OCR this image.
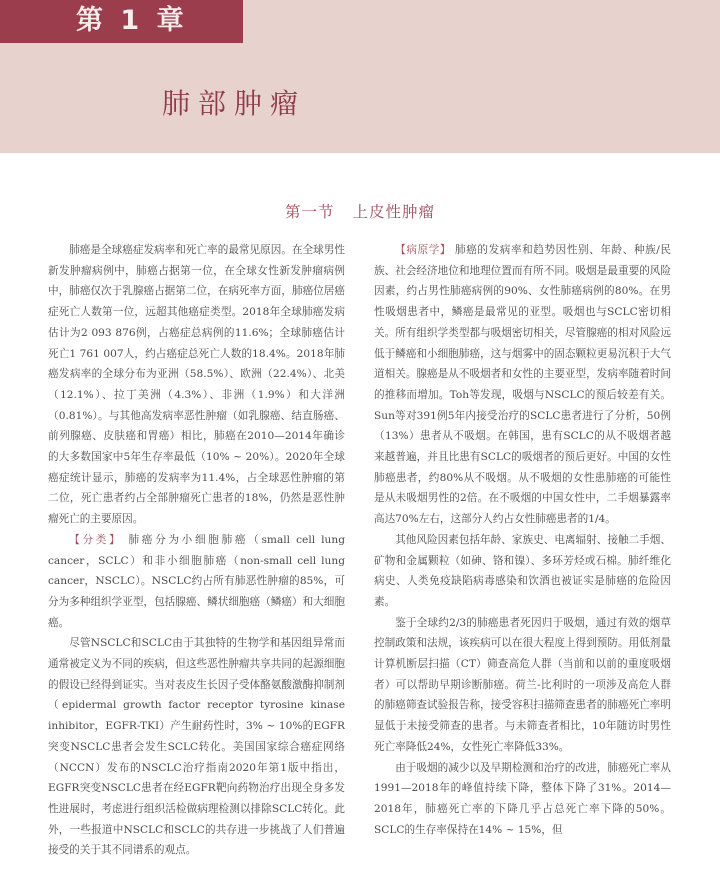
第 1 章
肺部肿瘤
第一节 上皮性肿瘤

肺癌是全球癌症发病率和死亡率的最常见原因。在全球男性新发肿瘤病例中，肺癌占据第一位，在全球女性新发肿瘤病例中，肺癌仅次于乳腺癌占据第二位，在病死率方面，肺癌位居癌症死亡人数第一位，远超其他癌症类型。2018年全球肺癌发病估计为2 093 876例，占癌症总病例的11.6%；全球肺癌估计死亡1 761 007人，约占癌症总死亡人数的18.4%。2018年肺癌发病率的全球分布为亚洲（58.5%）、欧洲（22.4%）、北美（12.1%）、拉丁美洲（4.3%）、非洲（1.9%）和大洋洲（0.81%）。与其他高发病率恶性肿瘤（如乳腺癌、结直肠癌、前列腺癌、皮肤癌和胃癌）相比，肺癌在2010—2014年确诊的大多数国家中5年生存率最低（10% ~ 20%）。2020年全球癌症统计显示，肺癌的发病率为11.4%，占全球恶性肿瘤的第二位，死亡患者约占全部肿瘤死亡患者的18%，仍然是恶性肿瘤死亡的主要原因。

【分类】 肺癌分为小细胞肺癌（small cell lung cancer，SCLC）和非小细胞肺癌（non-small cell lung cancer，NSCLC）。NSCLC约占所有肺恶性肿瘤的85%，可分为多种组织学亚型，包括腺癌、鳞状细胞癌（鳞癌）和大细胞癌。

尽管NSCLC和SCLC由于其独特的生物学和基因组异常而通常被定义为不同的疾病，但这些恶性肿瘤共享共同的起源细胞的假设已经得到证实。当对表皮生长因子受体酪氨酸激酶抑制剂（epidermal growth factor receptor tyrosine kinase inhibitor，EGFR-TKI）产生耐药性时，3% ~ 10%的EGFR突变NSCLC患者会发生SCLC转化。美国国家综合癌症网络（NCCN）发布的NSCLC治疗指南2020年第1版中指出，EGFR突变NSCLC患者在经EGFR靶向药物治疗出现全身多发性进展时，考虑进行组织活检做病理检测以排除SCLC转化。此外，一些报道中NSCLC和SCLC的共存进一步挑战了人们普遍接受的关于其不同谱系的观点。

【病原学】 肺癌的发病率和趋势因性别、年龄、种族/民族、社会经济地位和地理位置而有所不同。吸烟是最重要的风险因素，约占男性肺癌病例的90%、女性肺癌病例的80%。在男性吸烟患者中，鳞癌是最常见的亚型。吸烟也与SCLC密切相关。所有组织学类型都与吸烟密切相关，尽管腺癌的相对风险远低于鳞癌和小细胞肺癌，这与烟雾中的固态颗粒更易沉积于大气道相关。腺癌是从不吸烟者和女性的主要亚型，发病率随着时间的推移而增加。Toh等发现，吸烟与NSCLC的预后较差有关。Sun等对391例5年内接受治疗的SCLC患者进行了分析，50例（13%）患者从不吸烟。在韩国，患有SCLC的从不吸烟者越来越普遍，并且比患有SCLC的吸烟者的预后更好。中国的女性肺癌患者，约80%从不吸烟。从不吸烟的女性患肺癌的可能性是从未吸烟男性的2倍。在不吸烟的中国女性中，二手烟暴露率高达70%左右，这部分人约占女性肺癌患者的1/4。

其他风险因素包括年龄、家族史、电离辐射、接触二手烟、矿物和金属颗粒（如砷、铬和镍）、多环芳烃或石棉。肺纤维化病史、人类免疫缺陷病毒感染和饮酒也被证实是肺癌的危险因素。

鉴于全球约2/3的肺癌患者死因归于吸烟，通过有效的烟草控制政策和法规，该疾病可以在很大程度上得到预防。用低剂量计算机断层扫描（CT）筛查高危人群（当前和以前的重度吸烟者）可以帮助早期诊断肺癌。荷兰-比利时的一项涉及高危人群的肺癌筛查试验报告称，接受容积扫描筛查患者的肺癌死亡率明显低于未接受筛查的患者。与未筛查者相比，10年随访时男性死亡率降低24%，女性死亡率降低33%。

由于吸烟的减少以及早期检测和治疗的改进，肺癌死亡率从1991—2018年的峰值持续下降，整体下降了31%。2014—2018年，肺癌死亡率的下降几乎占总死亡率下降的50%。SCLC的生存率保持在14% ~ 15%，但
